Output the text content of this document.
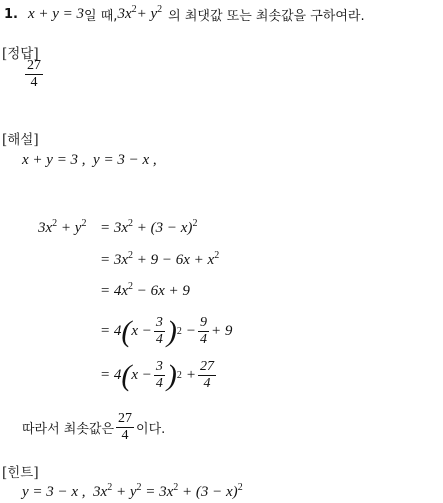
1. x + y = 3 일 때, $3x^2+ y^2$ 의 최댓값 또는 최솟값을 구하여라.
[정답]
$\frac{27}{4}$
[해설]
x + y = 3 ,  y = 3 − x ,
$3x^2 + y^2 = 3x^2 + (3 - x)^2$
= $3x^2 + 9 - 6x + x^2$
= $4x^2 - 6x + 9$
= 4 ( $x - \frac{3}{4}$ ) $2 - \frac{9}{4} + 9$
= 4 ( $x - \frac{3}{4}$ ) $2 + \frac{27}{4}$
따라서 최솟값은 $\frac{27}{4}$ 이다.
[힌트]
y = 3 − x ,  $3x^2 + y^2 = 3x^2 + (3 - x)^2$
